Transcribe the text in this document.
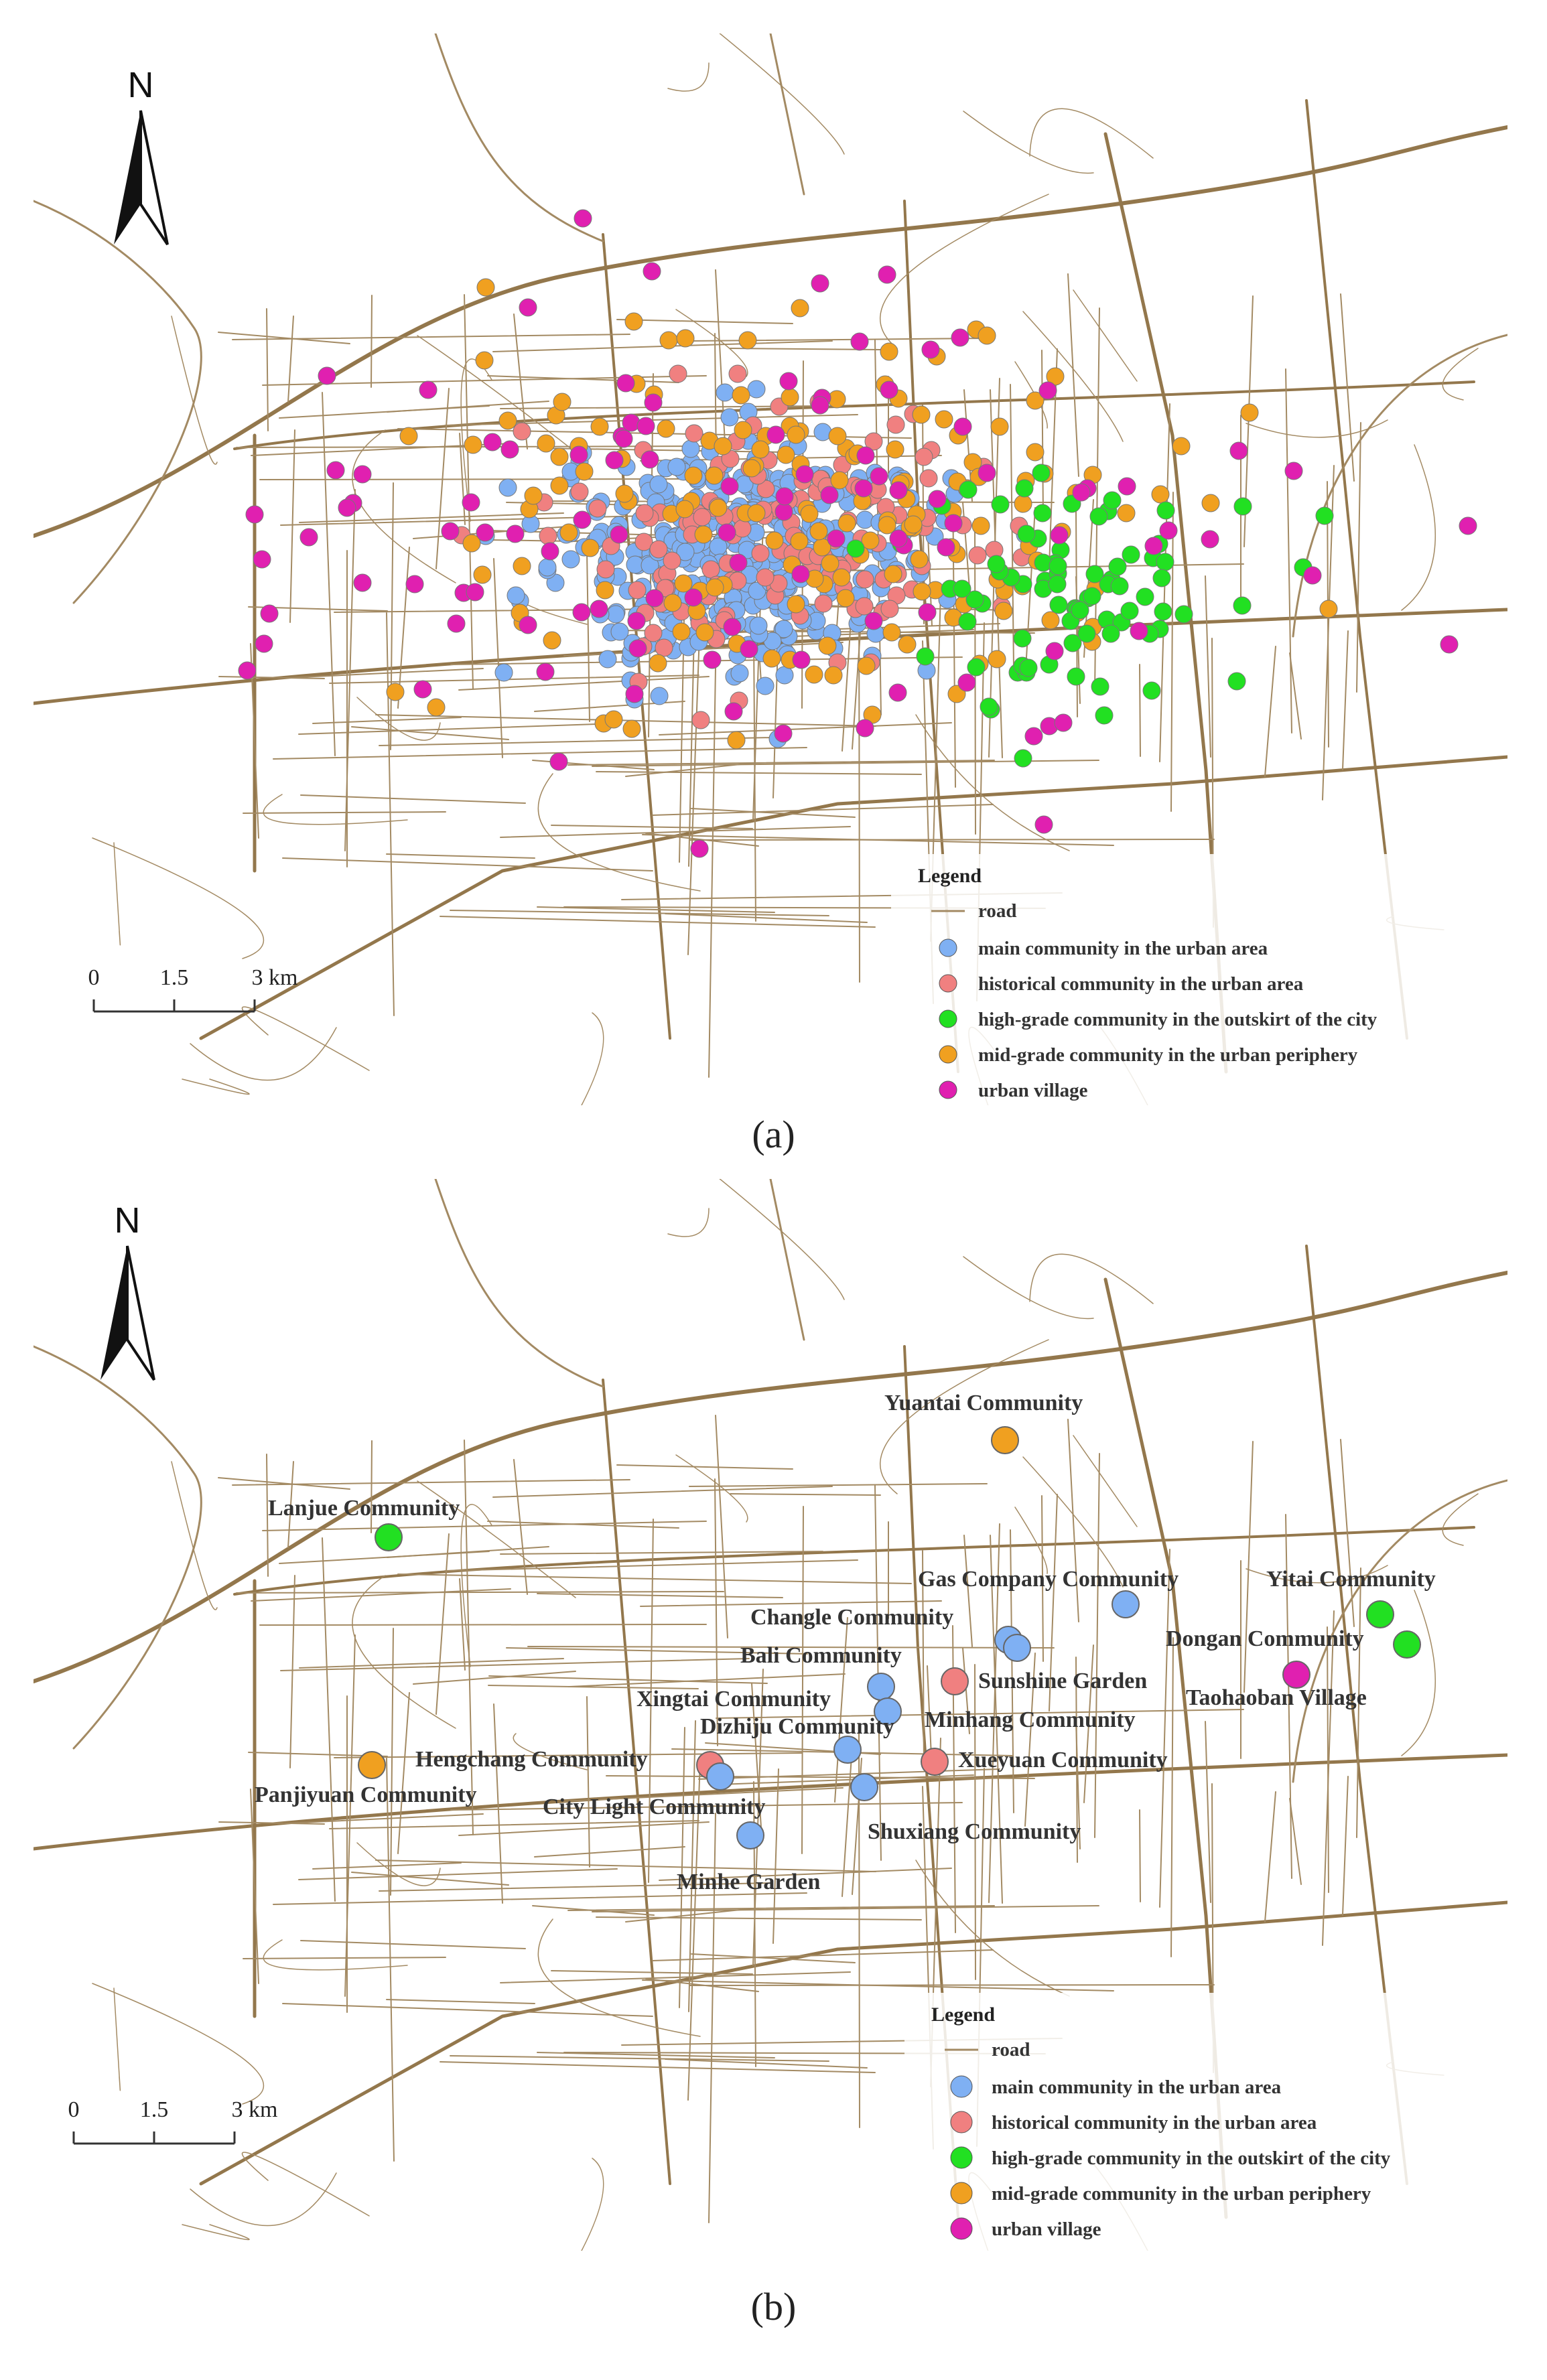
N
0	1.5	3 km
Legend
road
main community in the urban area
historical community in the urban area
high-grade community in the outskirt of the city
mid-grade community in the urban periphery
urban village
(a)
N
Yuantai Community
Lanjue Community
Gas Company Community	Yitai Community
Changle Community
Dongan Community
Bali Community
Sunshine Garden
Taohaoban Village
Xingtai Community
Minhang Community
Dizhiju Community
Xueyuan Community
Hengchang Community
Panjiyuan Community	City Light Community
Shuxiang Community
Minhe Garden
0	1.5	3 km
Legend
road
main community in the urban area
historical community in the urban area
high-grade community in the outskirt of the city
mid-grade community in the urban periphery
urban village
(b)
